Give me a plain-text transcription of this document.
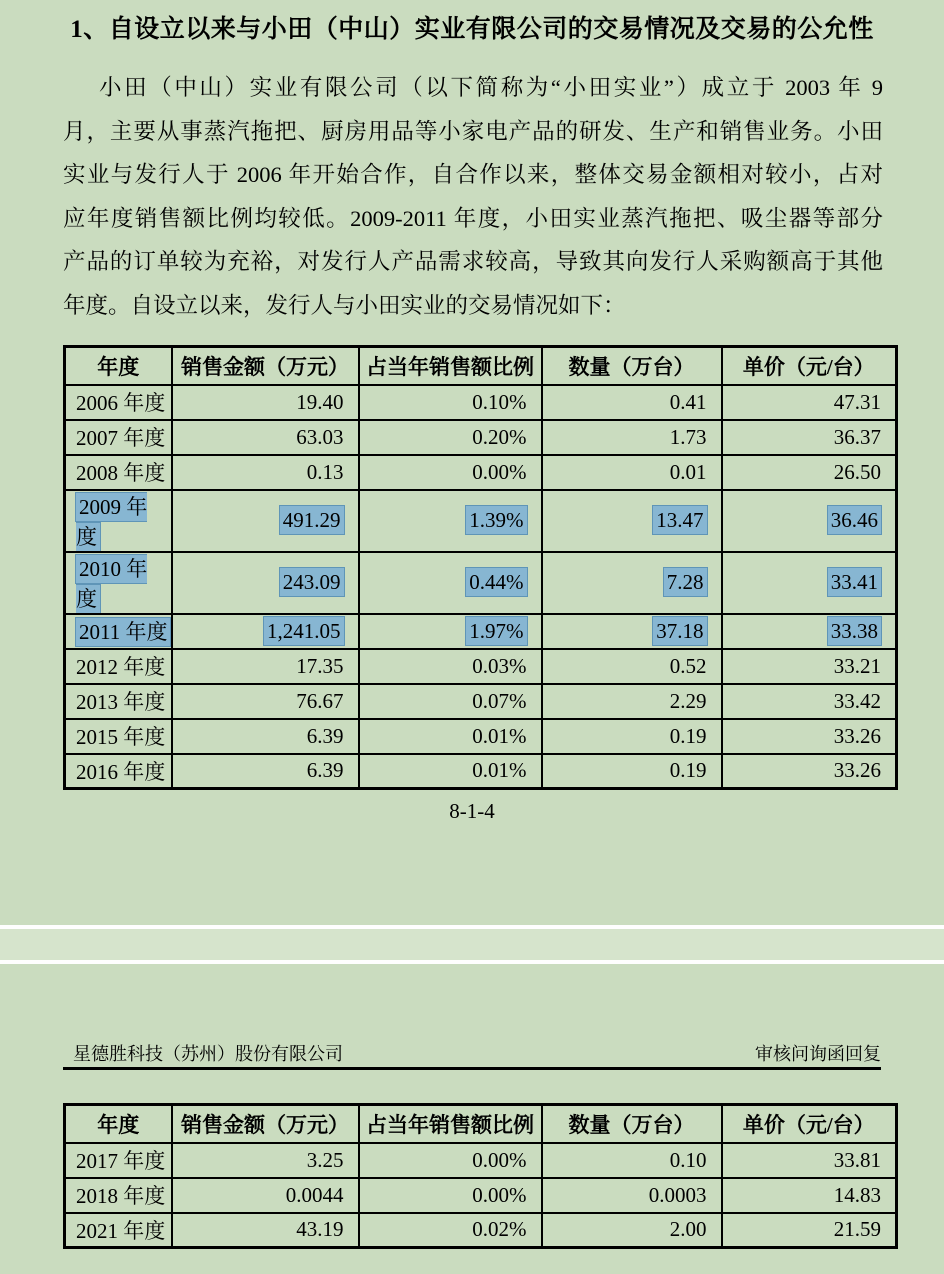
1、自设立以来与小田（中山）实业有限公司的交易情况及交易的公允性
小田（中山）实业有限公司（以下简称为“小田实业”）成立于 2003 年 9
月，主要从事蒸汽拖把、厨房用品等小家电产品的研发、生产和销售业务。小田
实业与发行人于 2006 年开始合作，自合作以来，整体交易金额相对较小，占对
应年度销售额比例均较低。2009-2011 年度，小田实业蒸汽拖把、吸尘器等部分
产品的订单较为充裕，对发行人产品需求较高，导致其向发行人采购额高于其他
年度。自设立以来，发行人与小田实业的交易情况如下：
年度	销售金额（万元）	占当年销售额比例	数量（万台）	单价（元/台）
2006 年度	19.40	0.10%	0.41	47.31
2007 年度	63.03	0.20%	1.73	36.37
2008 年度	0.13	0.00%	0.01	26.50
2009 年度	491.29	1.39%	13.47	36.46
2010 年度	243.09	0.44%	7.28	33.41
2011 年度	1,241.05	1.97%	37.18	33.38
2012 年度	17.35	0.03%	0.52	33.21
2013 年度	76.67	0.07%	2.29	33.42
2015 年度	6.39	0.01%	0.19	33.26
2016 年度	6.39	0.01%	0.19	33.26
8-1-4
星德胜科技（苏州）股份有限公司	审核问询函回复
年度	销售金额（万元）	占当年销售额比例	数量（万台）	单价（元/台）
2017 年度	3.25	0.00%	0.10	33.81
2018 年度	0.0044	0.00%	0.0003	14.83
2021 年度	43.19	0.02%	2.00	21.59
